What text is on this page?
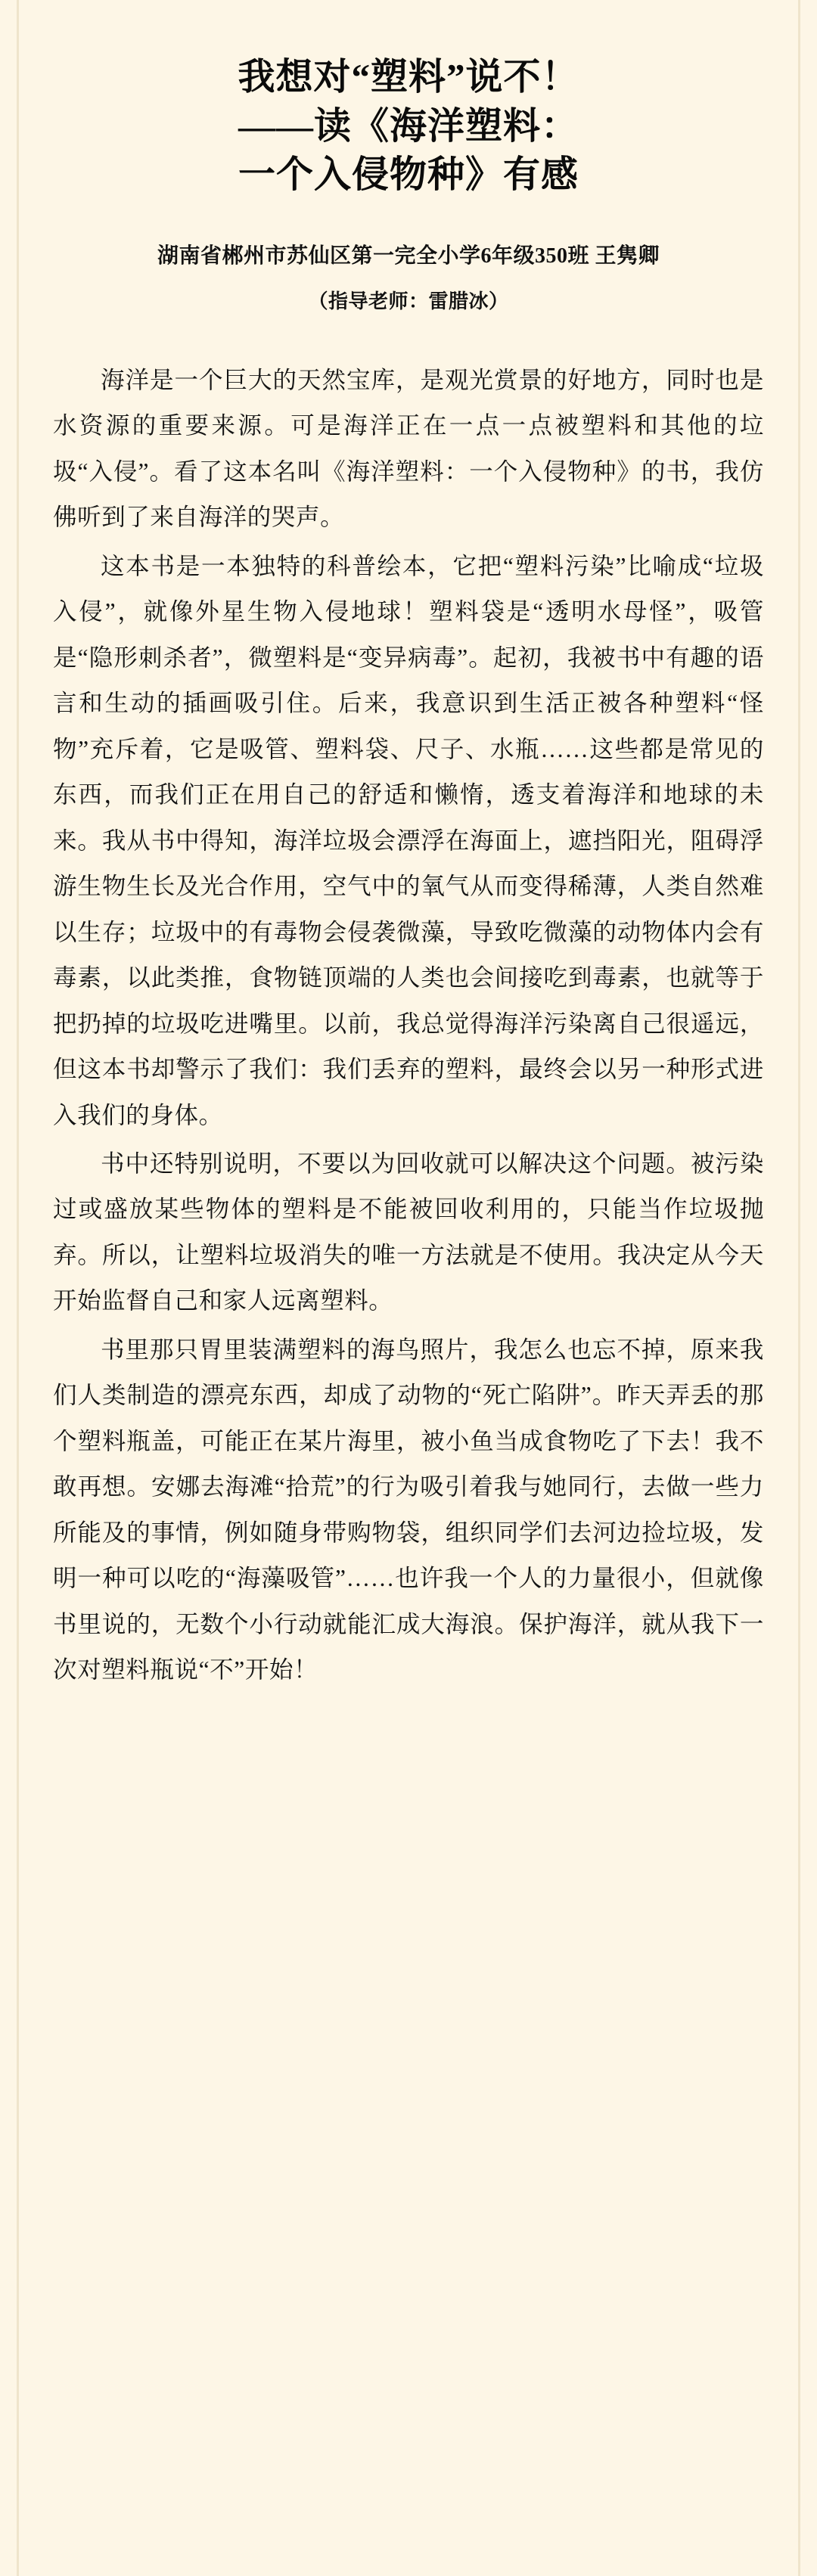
我想对“塑料”说不！
——读《海洋塑料：
一个入侵物种》有感
湖南省郴州市苏仙区第一完全小学6年级350班 王隽卿
（指导老师：雷腊冰）

海洋是一个巨大的天然宝库，是观光赏景的好地方，同时也是水资源的重要来源。可是海洋正在一点一点被塑料和其他的垃圾“入侵”。看了这本名叫《海洋塑料：一个入侵物种》的书，我仿佛听到了来自海洋的哭声。

这本书是一本独特的科普绘本，它把“塑料污染”比喻成“垃圾入侵”，就像外星生物入侵地球！塑料袋是“透明水母怪”，吸管是“隐形刺杀者”，微塑料是“变异病毒”。起初，我被书中有趣的语言和生动的插画吸引住。后来，我意识到生活正被各种塑料“怪物”充斥着，它是吸管、塑料袋、尺子、水瓶……这些都是常见的东西，而我们正在用自己的舒适和懒惰，透支着海洋和地球的未来。我从书中得知，海洋垃圾会漂浮在海面上，遮挡阳光，阻碍浮游生物生长及光合作用，空气中的氧气从而变得稀薄，人类自然难以生存；垃圾中的有毒物会侵袭微藻，导致吃微藻的动物体内会有毒素，以此类推，食物链顶端的人类也会间接吃到毒素，也就等于把扔掉的垃圾吃进嘴里。以前，我总觉得海洋污染离自己很遥远，但这本书却警示了我们：我们丢弃的塑料，最终会以另一种形式进入我们的身体。

书中还特别说明，不要以为回收就可以解决这个问题。被污染过或盛放某些物体的塑料是不能被回收利用的，只能当作垃圾抛弃。所以，让塑料垃圾消失的唯一方法就是不使用。我决定从今天开始监督自己和家人远离塑料。

书里那只胃里装满塑料的海鸟照片，我怎么也忘不掉，原来我们人类制造的漂亮东西，却成了动物的“死亡陷阱”。昨天弄丢的那个塑料瓶盖，可能正在某片海里，被小鱼当成食物吃了下去！我不敢再想。安娜去海滩“拾荒”的行为吸引着我与她同行，去做一些力所能及的事情，例如随身带购物袋，组织同学们去河边捡垃圾，发明一种可以吃的“海藻吸管”……也许我一个人的力量很小，但就像书里说的，无数个小行动就能汇成大海浪。保护海洋，就从我下一次对塑料瓶说“不”开始！
